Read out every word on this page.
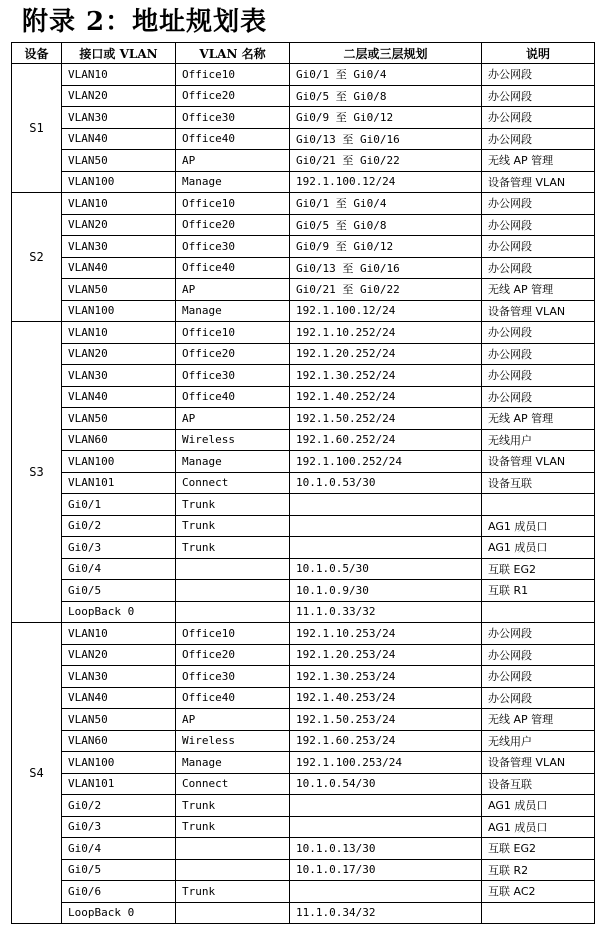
附录 2：地址规划表
设备	接口或 VLAN	VLAN 名称	二层或三层规划	说明
S1	VLAN10	Office10	Gi0/1 至 Gi0/4	办公网段
	VLAN20	Office20	Gi0/5 至 Gi0/8	办公网段
	VLAN30	Office30	Gi0/9 至 Gi0/12	办公网段
	VLAN40	Office40	Gi0/13 至 Gi0/16	办公网段
	VLAN50	AP	Gi0/21 至 Gi0/22	无线 AP 管理
	VLAN100	Manage	192.1.100.12/24	设备管理 VLAN
S2	VLAN10	Office10	Gi0/1 至 Gi0/4	办公网段
	VLAN20	Office20	Gi0/5 至 Gi0/8	办公网段
	VLAN30	Office30	Gi0/9 至 Gi0/12	办公网段
	VLAN40	Office40	Gi0/13 至 Gi0/16	办公网段
	VLAN50	AP	Gi0/21 至 Gi0/22	无线 AP 管理
	VLAN100	Manage	192.1.100.12/24	设备管理 VLAN
S3	VLAN10	Office10	192.1.10.252/24	办公网段
	VLAN20	Office20	192.1.20.252/24	办公网段
	VLAN30	Office30	192.1.30.252/24	办公网段
	VLAN40	Office40	192.1.40.252/24	办公网段
	VLAN50	AP	192.1.50.252/24	无线 AP 管理
	VLAN60	Wireless	192.1.60.252/24	无线用户
	VLAN100	Manage	192.1.100.252/24	设备管理 VLAN
	VLAN101	Connect	10.1.0.53/30	设备互联
	Gi0/1	Trunk		
	Gi0/2	Trunk		AG1 成员口
	Gi0/3	Trunk		AG1 成员口
	Gi0/4		10.1.0.5/30	互联 EG2
	Gi0/5		10.1.0.9/30	互联 R1
	LoopBack 0		11.1.0.33/32	
S4	VLAN10	Office10	192.1.10.253/24	办公网段
	VLAN20	Office20	192.1.20.253/24	办公网段
	VLAN30	Office30	192.1.30.253/24	办公网段
	VLAN40	Office40	192.1.40.253/24	办公网段
	VLAN50	AP	192.1.50.253/24	无线 AP 管理
	VLAN60	Wireless	192.1.60.253/24	无线用户
	VLAN100	Manage	192.1.100.253/24	设备管理 VLAN
	VLAN101	Connect	10.1.0.54/30	设备互联
	Gi0/2	Trunk		AG1 成员口
	Gi0/3	Trunk		AG1 成员口
	Gi0/4		10.1.0.13/30	互联 EG2
	Gi0/5		10.1.0.17/30	互联 R2
	Gi0/6	Trunk		互联 AC2
	LoopBack 0		11.1.0.34/32	
